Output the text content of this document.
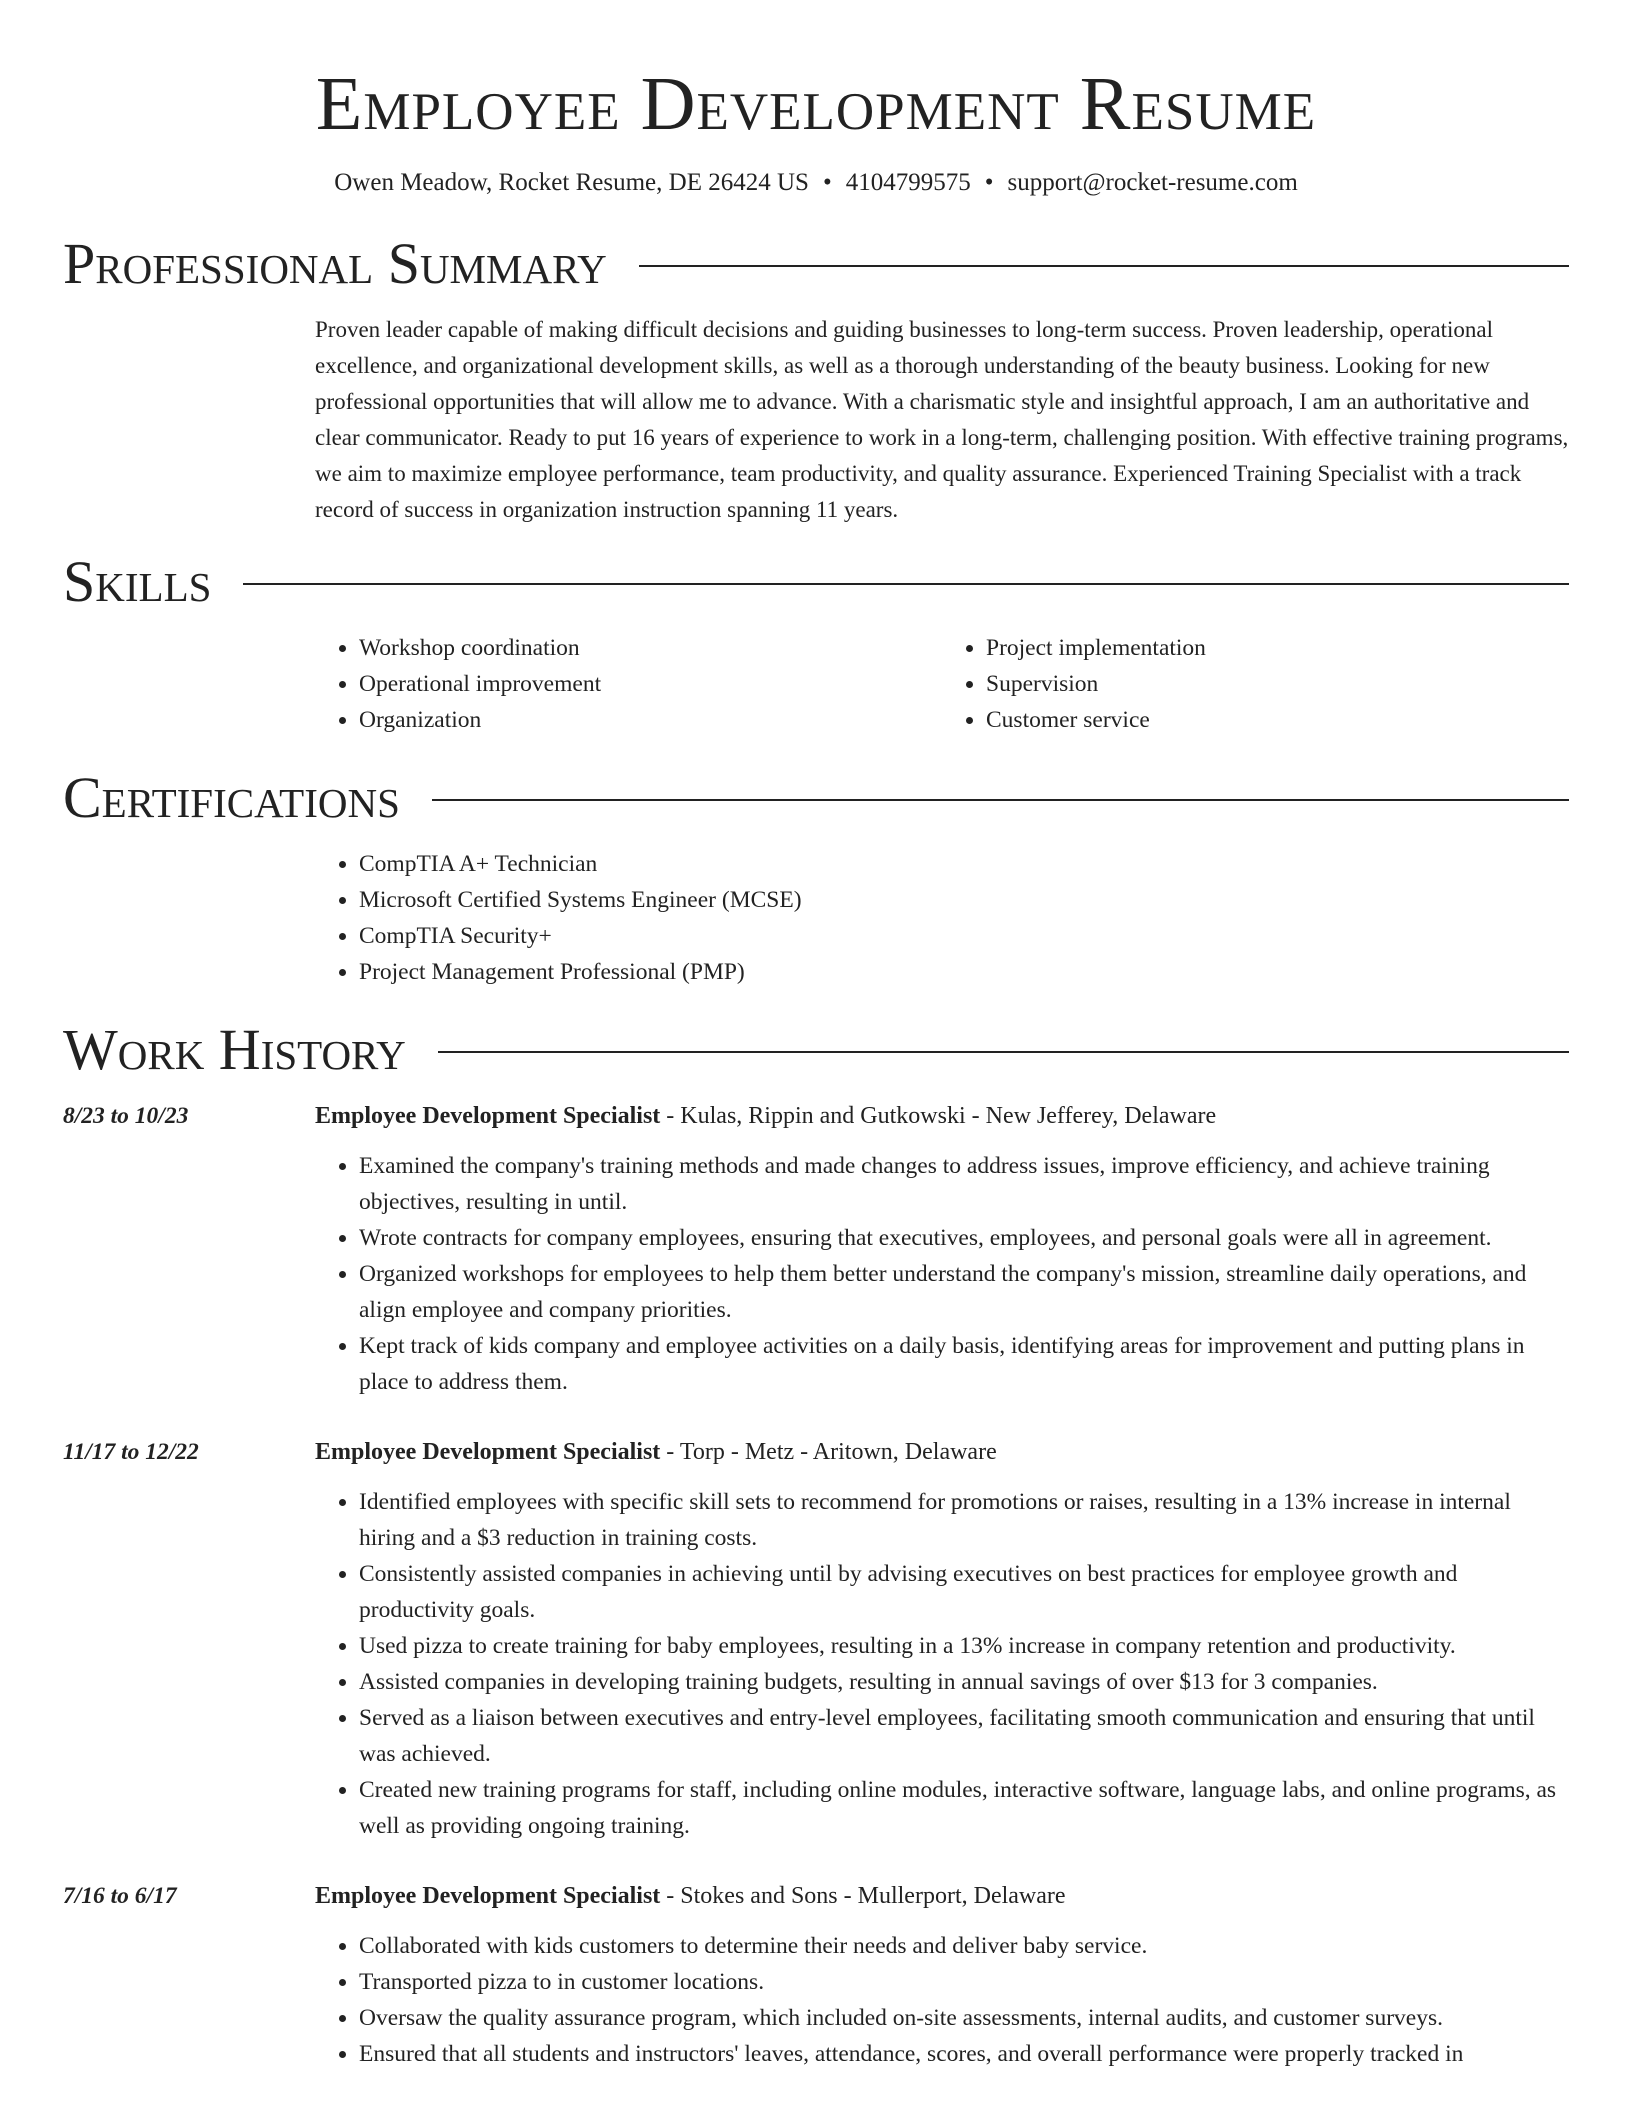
Employee Development Resume
Owen Meadow, Rocket Resume, DE 26424 US • 4104799575 • support@rocket-resume.com
Professional Summary

Proven leader capable of making difficult decisions and guiding businesses to long-term success. Proven leadership, operational excellence, and organizational development skills, as well as a thorough understanding of the beauty business. Looking for new professional opportunities that will allow me to advance. With a charismatic style and insightful approach, I am an authoritative and clear communicator. Ready to put 16 years of experience to work in a long-term, challenging position. With effective training programs, we aim to maximize employee performance, team productivity, and quality assurance. Experienced Training Specialist with a track record of success in organization instruction spanning 11 years.

Skills
• Workshop coordination
• Operational improvement
• Organization
• Project implementation
• Supervision
• Customer service
Certifications
• CompTIA A+ Technician
• Microsoft Certified Systems Engineer (MCSE)
• CompTIA Security+
• Project Management Professional (PMP)
Work History
8/23 to 10/23	Employee Development Specialist - Kulas, Rippin and Gutkowski - New Jefferey, Delaware
• Examined the company's training methods and made changes to address issues, improve efficiency, and achieve training objectives, resulting in until.
• Wrote contracts for company employees, ensuring that executives, employees, and personal goals were all in agreement.
• Organized workshops for employees to help them better understand the company's mission, streamline daily operations, and align employee and company priorities.
• Kept track of kids company and employee activities on a daily basis, identifying areas for improvement and putting plans in place to address them.
11/17 to 12/22	Employee Development Specialist - Torp - Metz - Aritown, Delaware
• Identified employees with specific skill sets to recommend for promotions or raises, resulting in a 13% increase in internal hiring and a $3 reduction in training costs.
• Consistently assisted companies in achieving until by advising executives on best practices for employee growth and productivity goals.
• Used pizza to create training for baby employees, resulting in a 13% increase in company retention and productivity.
• Assisted companies in developing training budgets, resulting in annual savings of over $13 for 3 companies.
• Served as a liaison between executives and entry-level employees, facilitating smooth communication and ensuring that until was achieved.
• Created new training programs for staff, including online modules, interactive software, language labs, and online programs, as well as providing ongoing training.
7/16 to 6/17	Employee Development Specialist - Stokes and Sons - Mullerport, Delaware
• Collaborated with kids customers to determine their needs and deliver baby service.
• Transported pizza to in customer locations.
• Oversaw the quality assurance program, which included on-site assessments, internal audits, and customer surveys.
• Ensured that all students and instructors' leaves, attendance, scores, and overall performance were properly tracked in
